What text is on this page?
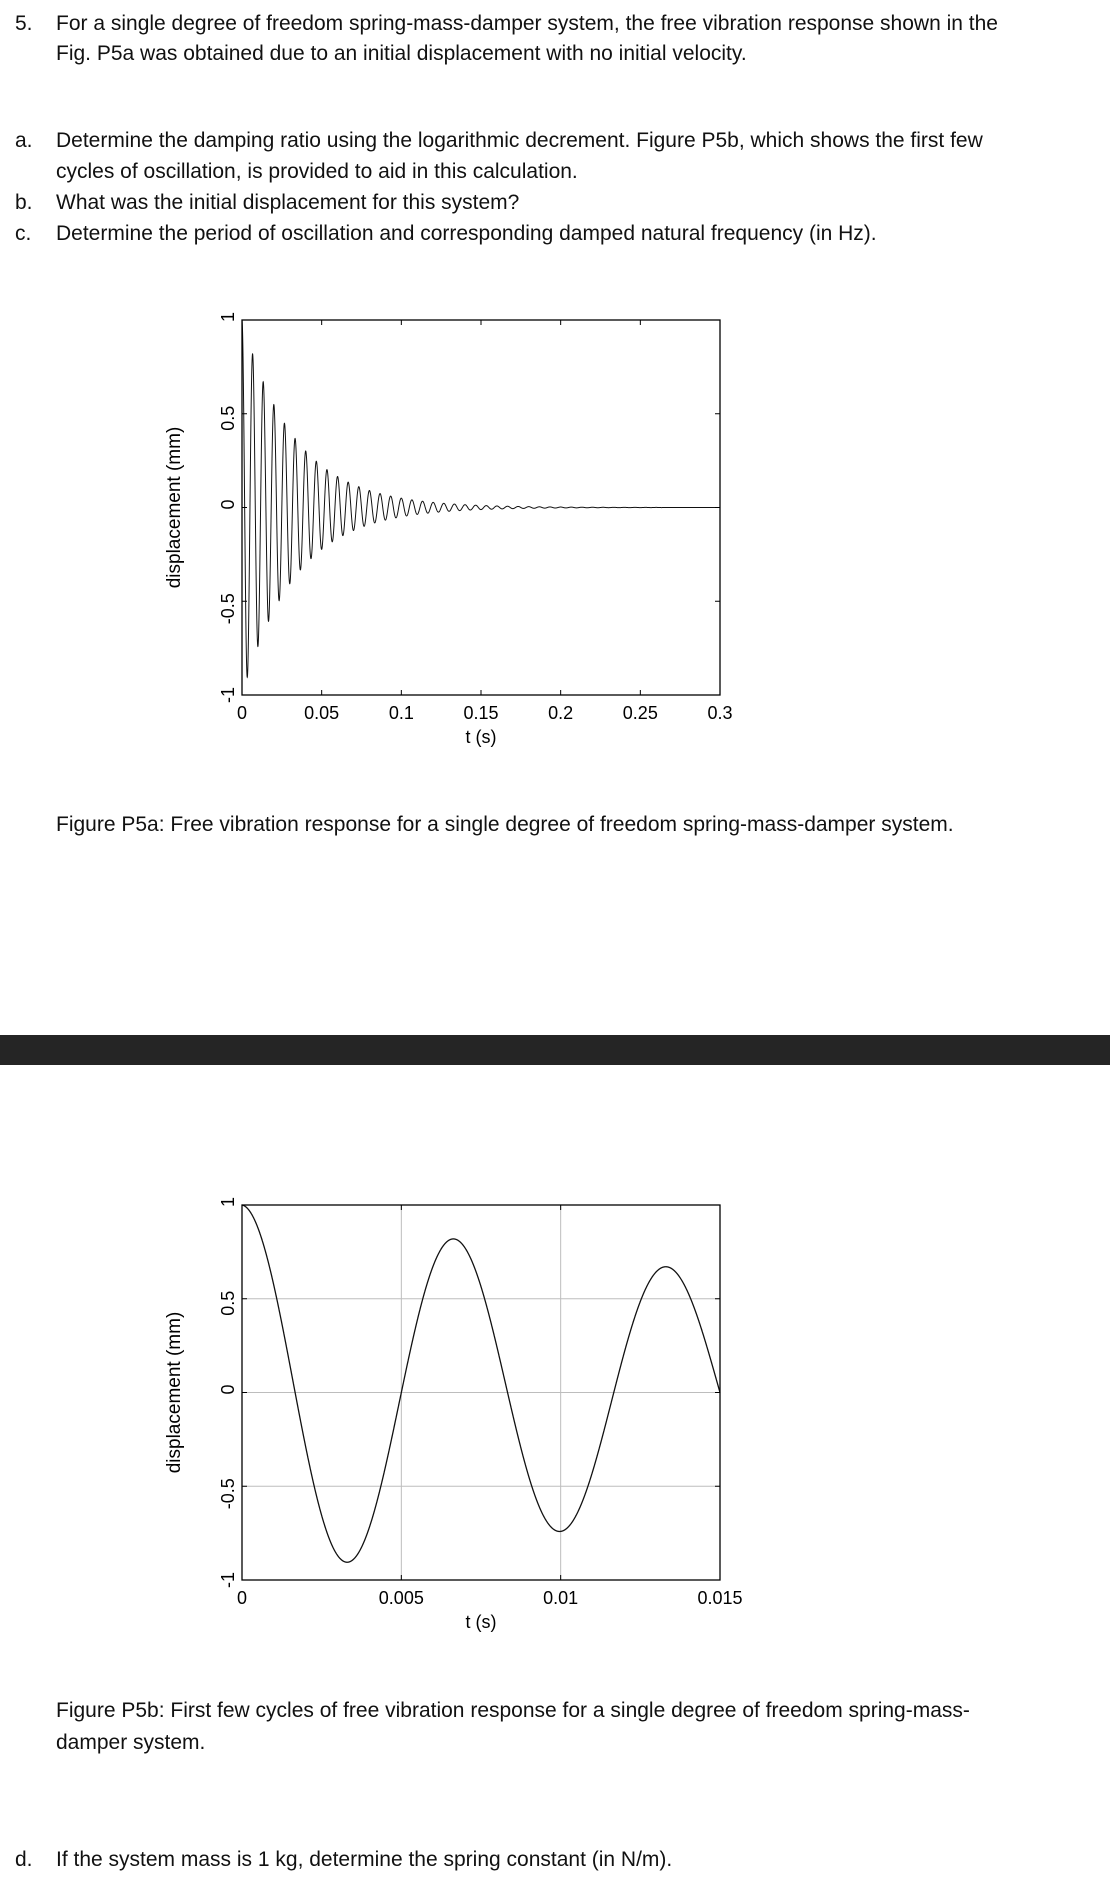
5. For a single degree of freedom spring-mass-damper system, the free vibration response shown in the
Fig. P5a was obtained due to an initial displacement with no initial velocity.
a. Determine the damping ratio using the logarithmic decrement. Figure P5b, which shows the first few
cycles of oscillation, is provided to aid in this calculation.
b. What was the initial displacement for this system?
c. Determine the period of oscillation and corresponding damped natural frequency (in Hz).
0	0.05	0.1	0.15	0.2	0.25	0.3
-1
-0.5
0
0.5
1
t (s)
displacement (mm)
Figure P5a: Free vibration response for a single degree of freedom spring-mass-damper system.
0	0.005	0.01	0.015
-1
-0.5
0
0.5
1
t (s)
displacement (mm)
Figure P5b: First few cycles of free vibration response for a single degree of freedom spring-mass-
damper system.
d. If the system mass is 1 kg, determine the spring constant (in N/m).
